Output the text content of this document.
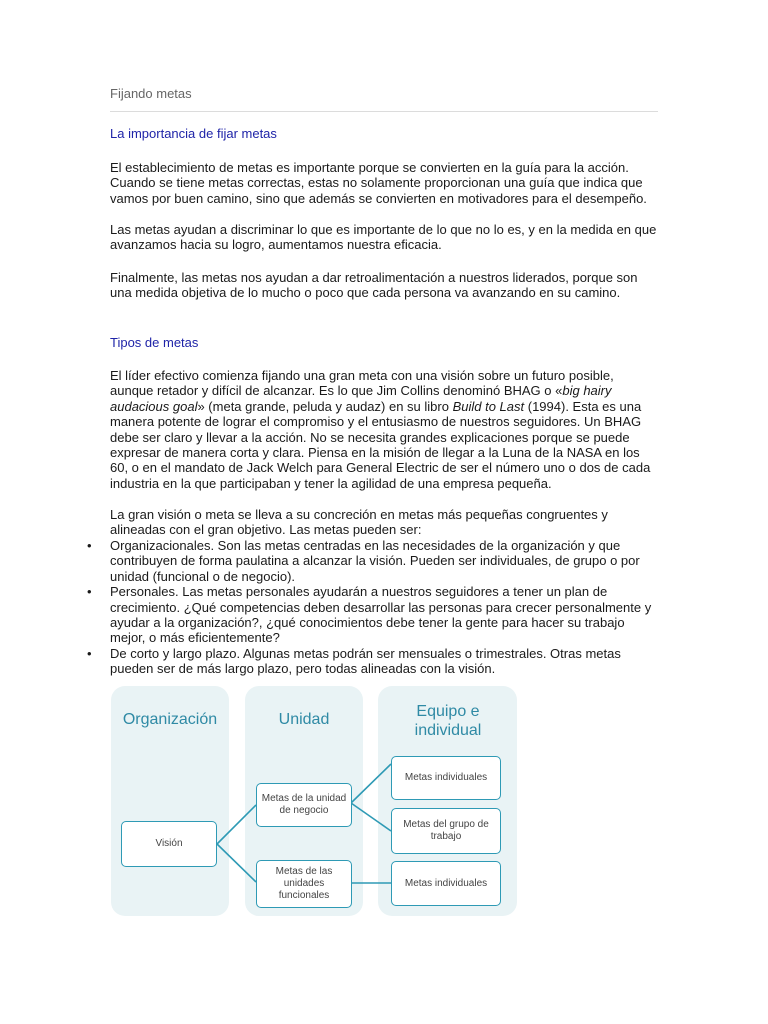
Fijando metas
La importancia de fijar metas

El establecimiento de metas es importante porque se convierten en la guía para la acción. Cuando se tiene metas correctas, estas no solamente proporcionan una guía que indica que vamos por buen camino, sino que además se convierten en motivadores para el desempeño.

Las metas ayudan a discriminar lo que es importante de lo que no lo es, y en la medida en que avanzamos hacia su logro, aumentamos nuestra eficacia.

Finalmente, las metas nos ayudan a dar retroalimentación a nuestros liderados, porque son una medida objetiva de lo mucho o poco que cada persona va avanzando en su camino.

Tipos de metas

El líder efectivo comienza fijando una gran meta con una visión sobre un futuro posible, aunque retador y difícil de alcanzar. Es lo que Jim Collins denominó BHAG o «big hairy audacious goal» (meta grande, peluda y audaz) en su libro Build to Last (1994). Esta es una manera potente de lograr el compromiso y el entusiasmo de nuestros seguidores. Un BHAG debe ser claro y llevar a la acción. No se necesita grandes explicaciones porque se puede expresar de manera corta y clara. Piensa en la misión de llegar a la Luna de la NASA en los 60, o en el mandato de Jack Welch para General Electric de ser el número uno o dos de cada industria en la que participaban y tener la agilidad de una empresa pequeña.

La gran visión o meta se lleva a su concreción en metas más pequeñas congruentes y alineadas con el gran objetivo. Las metas pueden ser:

• Organizacionales. Son las metas centradas en las necesidades de la organización y que contribuyen de forma paulatina a alcanzar la visión. Pueden ser individuales, de grupo o por unidad (funcional o de negocio).
• Personales. Las metas personales ayudarán a nuestros seguidores a tener un plan de crecimiento. ¿Qué competencias deben desarrollar las personas para crecer personalmente y ayudar a la organización?, ¿qué conocimientos debe tener la gente para hacer su trabajo mejor, o más eficientemente?
• De corto y largo plazo. Algunas metas podrán ser mensuales o trimestrales. Otras metas pueden ser de más largo plazo, pero todas alineadas con la visión.
Organización	Unidad	Equipo e individual
Visión
Metas de la unidad de negocio
Metas de las unidades funcionales
Metas individuales
Metas del grupo de trabajo
Metas individuales
